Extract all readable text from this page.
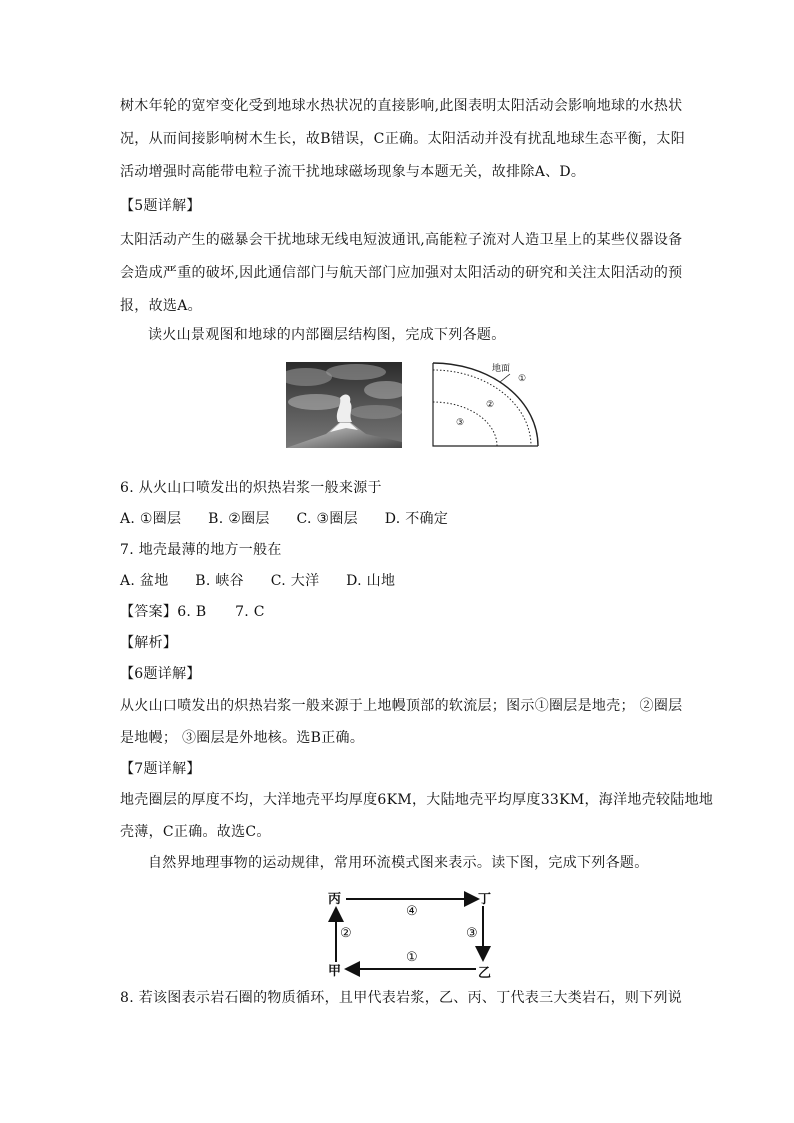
树木年轮的宽窄变化受到地球水热状况的直接影响,此图表明太阳活动会影响地球的水热状
况，从而间接影响树木生长，故B错误，C正确。太阳活动并没有扰乱地球生态平衡，太阳
活动增强时高能带电粒子流干扰地球磁场现象与本题无关，故排除A、D。
【5题详解】
太阳活动产生的磁暴会干扰地球无线电短波通讯,高能粒子流对人造卫星上的某些仪器设备
会造成严重的破坏,因此通信部门与航天部门应加强对太阳活动的研究和关注太阳活动的预
报，故选A。
读火山景观图和地球的内部圈层结构图，完成下列各题。
地面
①
②
③
6. 从火山口喷发出的炽热岩浆一般来源于
A. ①圈层 B. ②圈层 C. ③圈层 D. 不确定
7. 地壳最薄的地方一般在
A. 盆地 B. 峡谷 C. 大洋 D. 山地
【答案】6. B　　7. C
【解析】
【6题详解】
从火山口喷发出的炽热岩浆一般来源于上地幔顶部的软流层；图示①圈层是地壳； ②圈层
是地幔； ③圈层是外地核。选B正确。
【7题详解】
地壳圈层的厚度不均，大洋地壳平均厚度6KM，大陆地壳平均厚度33KM，海洋地壳较陆地地
壳薄，C正确。故选C。
自然界地理事物的运动规律，常用环流模式图来表示。读下图，完成下列各题。
丙	丁
甲	乙
④
③
①
②
8. 若该图表示岩石圈的物质循环，且甲代表岩浆，乙、丙、丁代表三大类岩石，则下列说
